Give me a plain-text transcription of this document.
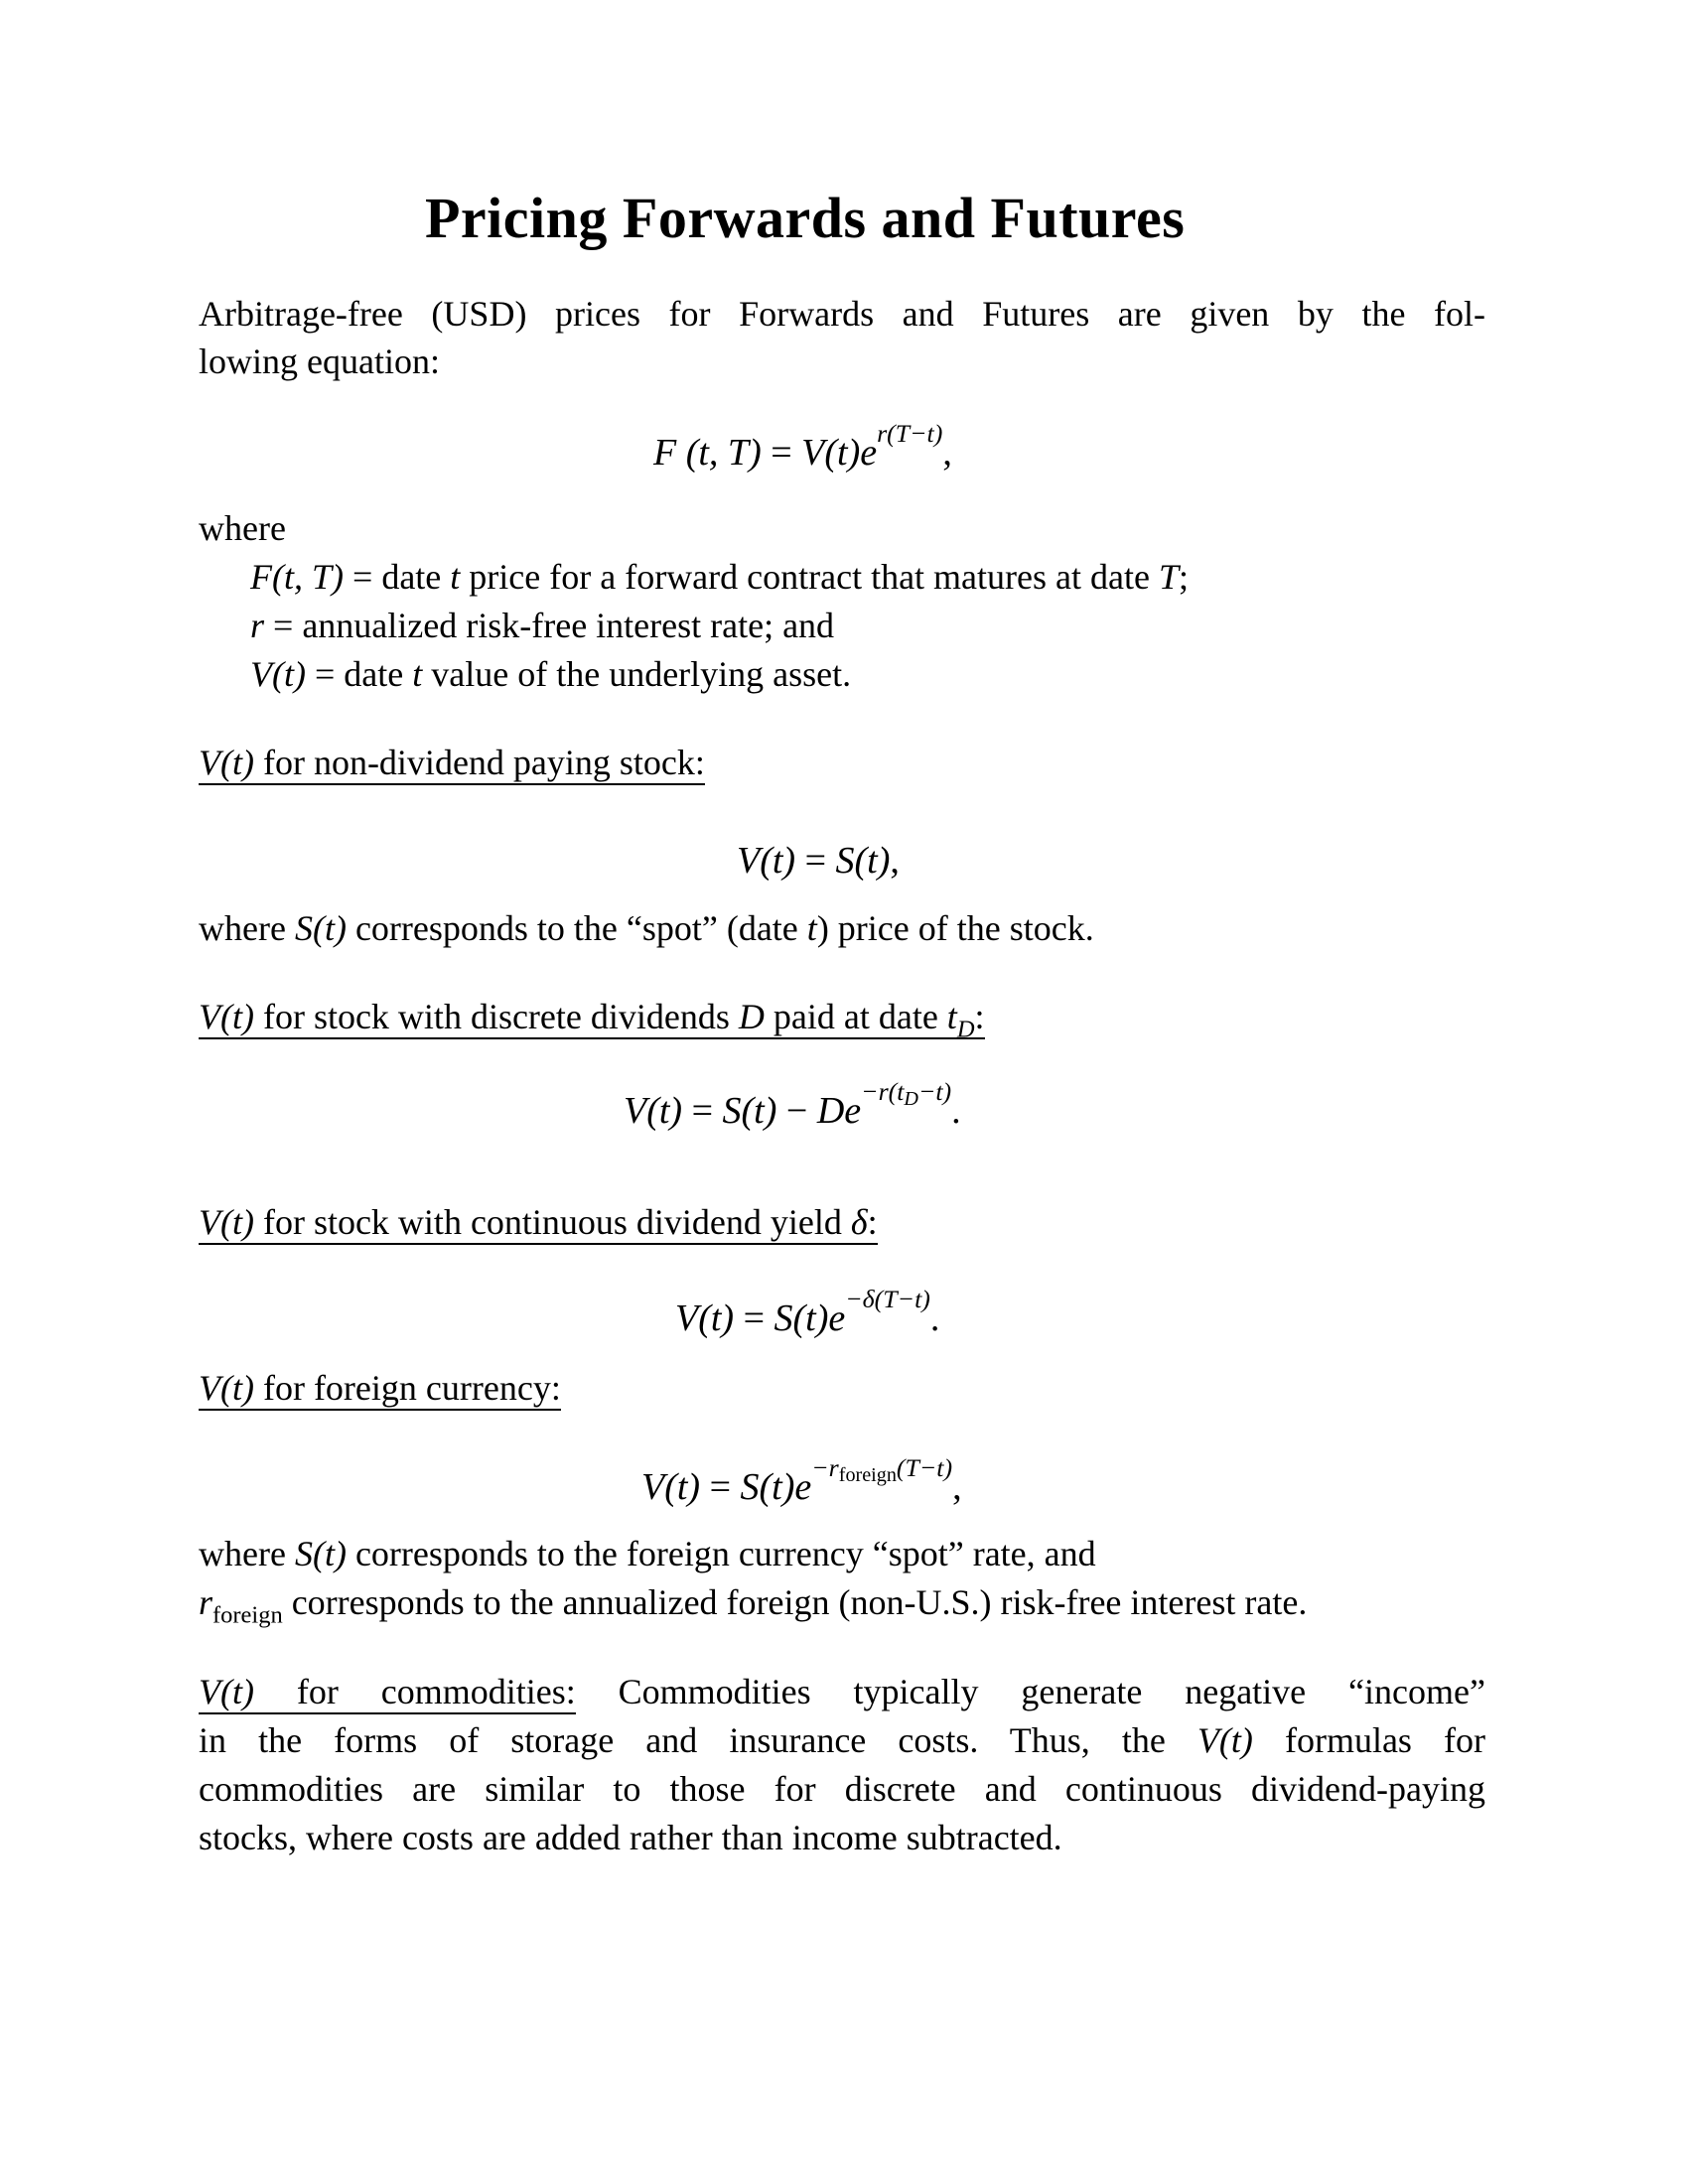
Pricing Forwards and Futures
Arbitrage-free (USD) prices for Forwards and Futures are given by the fol-
lowing equation:
F (t, $T) = V(t)e^{r(T-t)}$,
where
F(t, T) = date t price for a forward contract that matures at date T;
r = annualized risk-free interest rate; and
V(t) = date t value of the underlying asset.
V(t) for non-dividend paying stock:
V(t) = S(t),
where S(t) corresponds to the “spot” (date t) price of the stock.
V(t) for stock with discrete dividends D paid at date $t_D$:
$V(t) = S(t) - De^{-r(t_D-t)}$.
V(t) for stock with continuous dividend yield δ:
$V(t) = S(t)e^{-\delta(T-t)}$.
V(t) for foreign currency:
$V(t) = S(t)e^{-r_{foreign}(T-t)}$,
where S(t) corresponds to the foreign currency “spot” rate, and
$r_{foreign}$ corresponds to the annualized foreign (non-U.S.) risk-free interest rate.
V(t) for commodities: Commodities typically generate negative “income”
in the forms of storage and insurance costs. Thus, the V(t) formulas for
commodities are similar to those for discrete and continuous dividend-paying
stocks, where costs are added rather than income subtracted.
